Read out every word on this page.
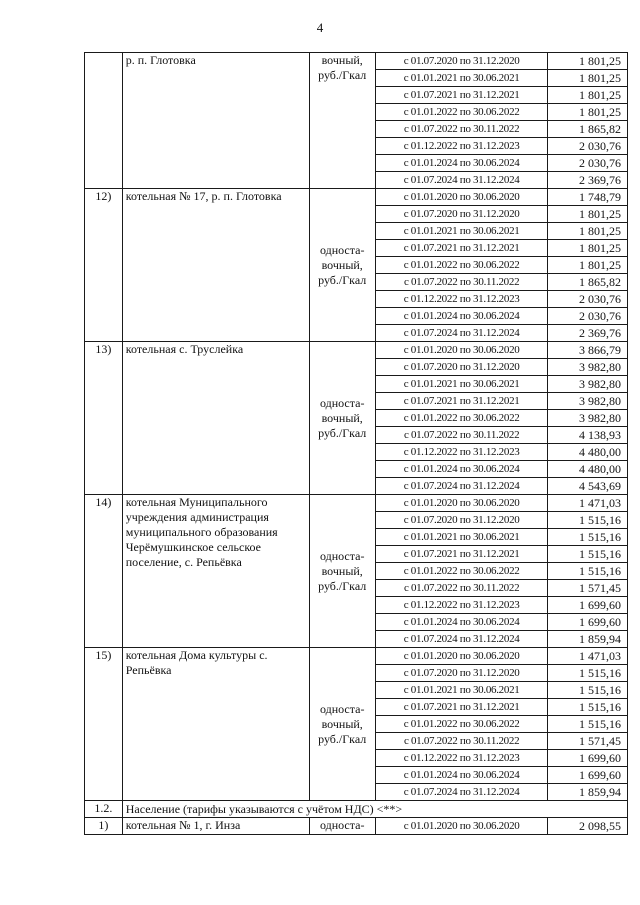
4
	р. п. Глотовка	вочный, руб./Гкал	с 01.07.2020 по 31.12.2020	1 801,25
			с 01.01.2021 по 30.06.2021	1 801,25
			с 01.07.2021 по 31.12.2021	1 801,25
			с 01.01.2022 по 30.06.2022	1 801,25
			с 01.07.2022 по 30.11.2022	1 865,82
			с 01.12.2022 по 31.12.2023	2 030,76
			с 01.01.2024 по 30.06.2024	2 030,76
			с 01.07.2024 по 31.12.2024	2 369,76
12)	котельная № 17, р. п. Глотовка	односта- вочный, руб./Гкал	с 01.01.2020 по 30.06.2020	1 748,79
			с 01.07.2020 по 31.12.2020	1 801,25
			с 01.01.2021 по 30.06.2021	1 801,25
			с 01.07.2021 по 31.12.2021	1 801,25
			с 01.01.2022 по 30.06.2022	1 801,25
			с 01.07.2022 по 30.11.2022	1 865,82
			с 01.12.2022 по 31.12.2023	2 030,76
			с 01.01.2024 по 30.06.2024	2 030,76
			с 01.07.2024 по 31.12.2024	2 369,76
13)	котельная с. Труслейка	односта- вочный, руб./Гкал	с 01.01.2020 по 30.06.2020	3 866,79
			с 01.07.2020 по 31.12.2020	3 982,80
			с 01.01.2021 по 30.06.2021	3 982,80
			с 01.07.2021 по 31.12.2021	3 982,80
			с 01.01.2022 по 30.06.2022	3 982,80
			с 01.07.2022 по 30.11.2022	4 138,93
			с 01.12.2022 по 31.12.2023	4 480,00
			с 01.01.2024 по 30.06.2024	4 480,00
			с 01.07.2024 по 31.12.2024	4 543,69
14)	котельная Муниципального учреждения администрация муниципального образования Черёмушкинское сельское поселение, с. Репьёвка	односта- вочный, руб./Гкал	с 01.01.2020 по 30.06.2020	1 471,03
			с 01.07.2020 по 31.12.2020	1 515,16
			с 01.01.2021 по 30.06.2021	1 515,16
			с 01.07.2021 по 31.12.2021	1 515,16
			с 01.01.2022 по 30.06.2022	1 515,16
			с 01.07.2022 по 30.11.2022	1 571,45
			с 01.12.2022 по 31.12.2023	1 699,60
			с 01.01.2024 по 30.06.2024	1 699,60
			с 01.07.2024 по 31.12.2024	1 859,94
15)	котельная Дома культуры с. Репьёвка	односта- вочный, руб./Гкал	с 01.01.2020 по 30.06.2020	1 471,03
			с 01.07.2020 по 31.12.2020	1 515,16
			с 01.01.2021 по 30.06.2021	1 515,16
			с 01.07.2021 по 31.12.2021	1 515,16
			с 01.01.2022 по 30.06.2022	1 515,16
			с 01.07.2022 по 30.11.2022	1 571,45
			с 01.12.2022 по 31.12.2023	1 699,60
			с 01.01.2024 по 30.06.2024	1 699,60
			с 01.07.2024 по 31.12.2024	1 859,94
1.2.	Население (тарифы указываются с учётом НДС) <**>			
1)	котельная № 1, г. Инза	односта-	с 01.01.2020 по 30.06.2020	2 098,55
